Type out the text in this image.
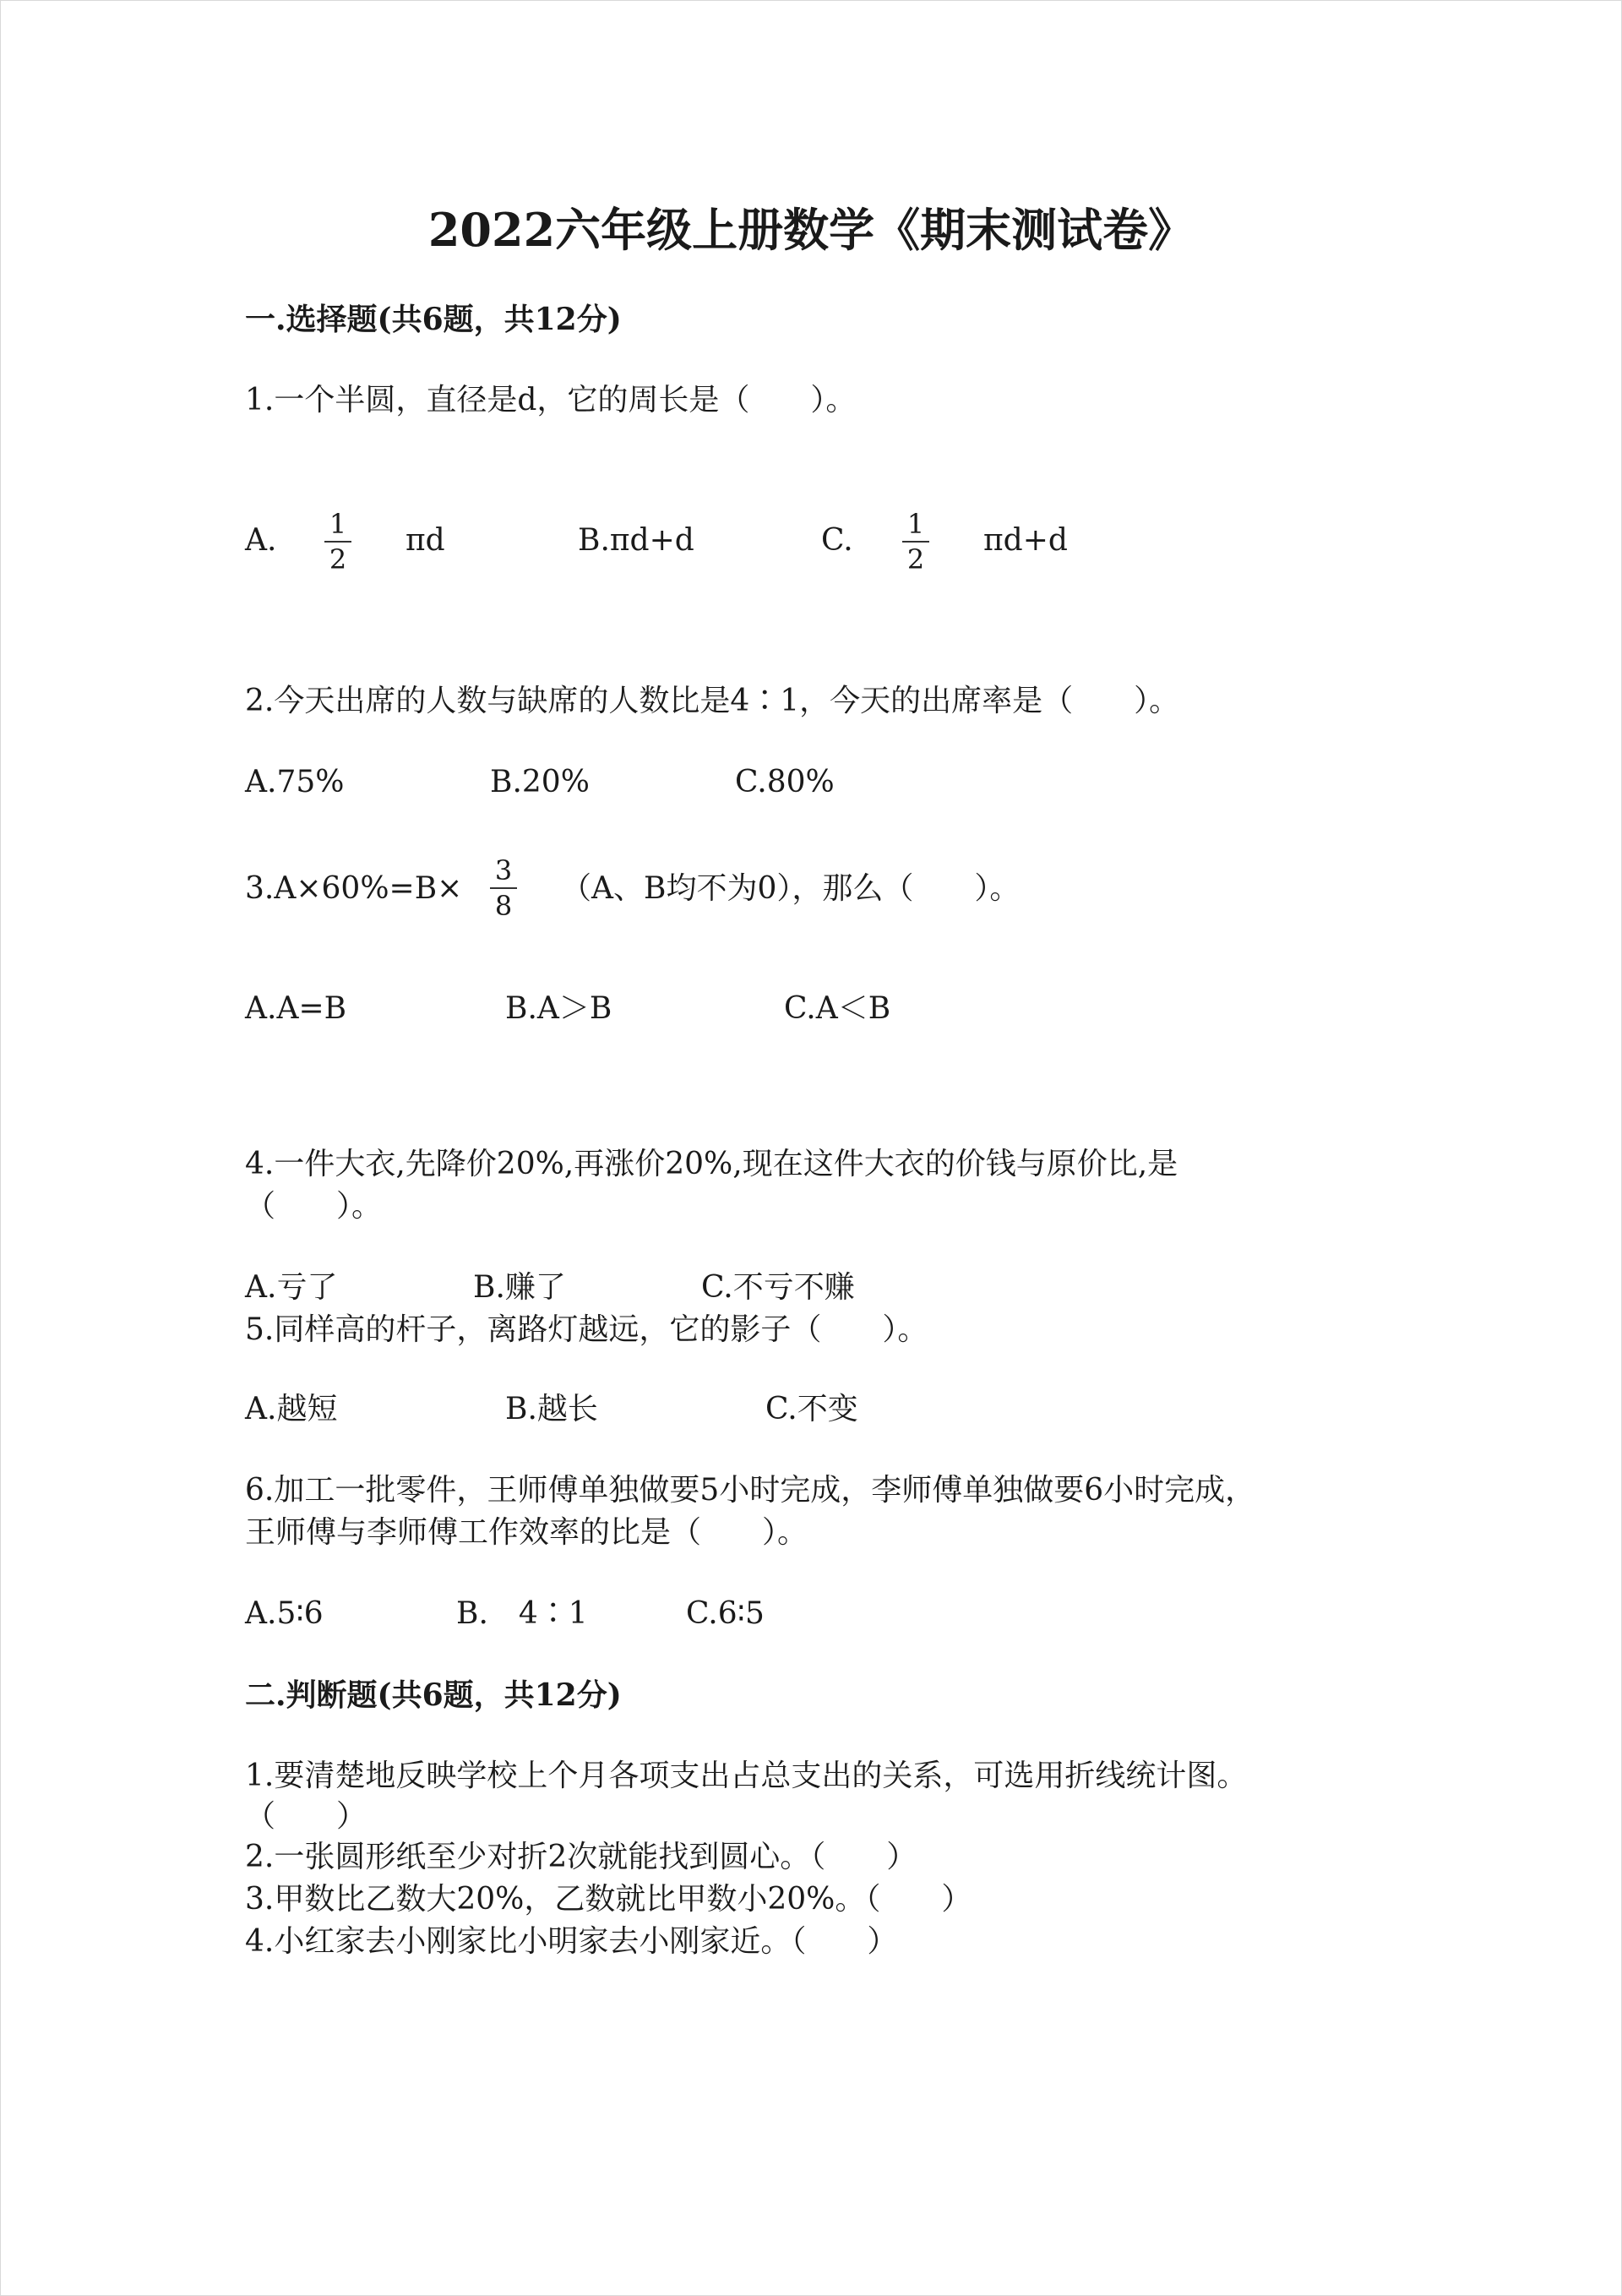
2022六年级上册数学《期末测试卷》
一.选择题(共6题，共12分)
1.一个半圆，直径是d，它的周长是（　　）。
A.	1
2
πd	B.πd+d	C.	1
2
πd+d
2.今天出席的人数与缺席的人数比是4∶1，今天的出席率是（　　）。
A.75%	B.20%	C.80%
3.A×60%=B×
3
8 （A、B均不为0），那么（　　）。
A.A=B	B.A＞B	C.A＜B
4.一件大衣,先降价20%,再涨价20%,现在这件大衣的价钱与原价比,是
（　　）。
A.亏了	B.赚了	C.不亏不赚
5.同样高的杆子，离路灯越远，它的影子（　　）。
A.越短	B.越长	C.不变
6.加工一批零件，王师傅单独做要5小时完成，李师傅单独做要6小时完成，
王师傅与李师傅工作效率的比是（　　）。
A.5∶6	B.　4∶1	C.6∶5
二.判断题(共6题，共12分)
1.要清楚地反映学校上个月各项支出占总支出的关系，可选用折线统计图。
（　　）
2.一张圆形纸至少对折2次就能找到圆心。（　　）
3.甲数比乙数大20%，乙数就比甲数小20%。（　　）
4.小红家去小刚家比小明家去小刚家近。（　　）
